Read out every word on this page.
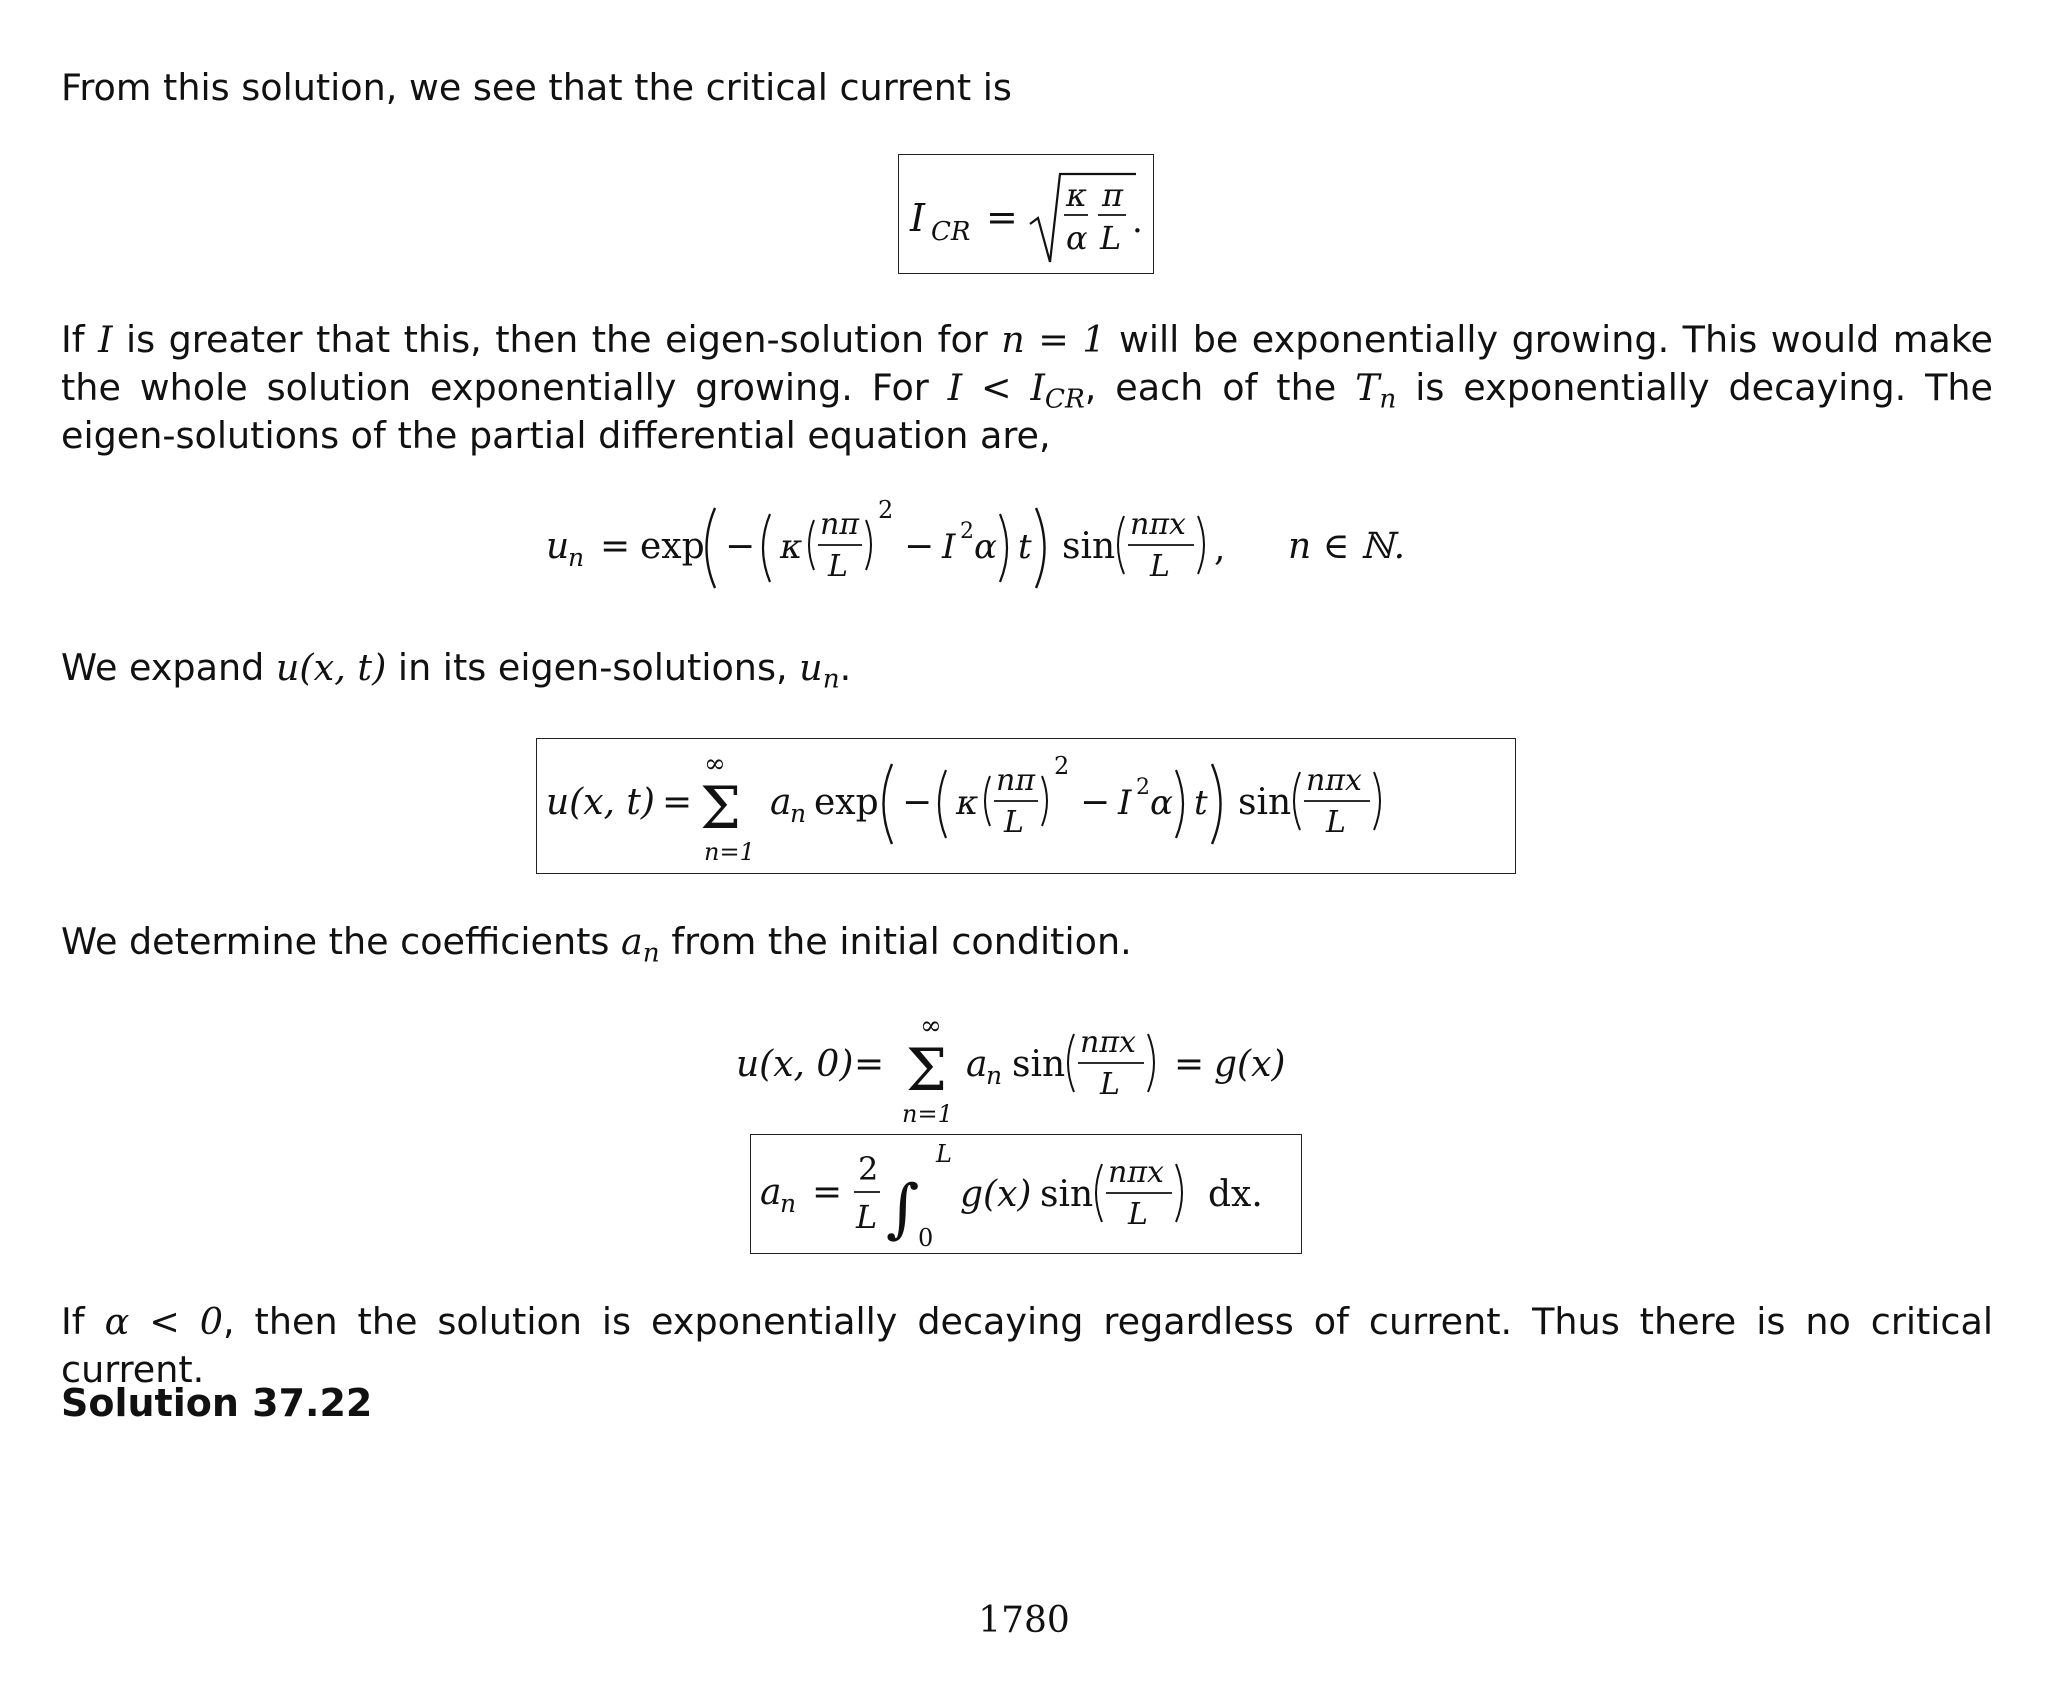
From this solution, we see that the critical current is
I CR = κ
α
π
L .
If I is greater that this, then the eigen-solution for n = 1 will be exponentially growing. This would make the whole solution exponentially growing. For $I < I_{CR}$, each of the $T_n$ is exponentially decaying. The eigen-solutions of the partial differential equation are,
u
n = exp − κ
nπ
L
2
− I 2 α t sin
nπx
L , n ∈ ℕ.
We expand u(x, t) in its eigen-solutions, $u_n$.
u(x, t) =
∞
Σ
n=1
a
n exp − κ
nπ
L
2
− I 2 α t sin
nπx
L
We determine the coefficients $a_n$ from the initial condition.
u(x, 0) =
∞
Σ
n=1
a
n sin
nπx
L = g(x)
a
n =
2
L ∫
L
0
g(x) sin
nπx
L dx.
If α < 0, then the solution is exponentially decaying regardless of current. Thus there is no critical current.
Solution 37.22
1780
